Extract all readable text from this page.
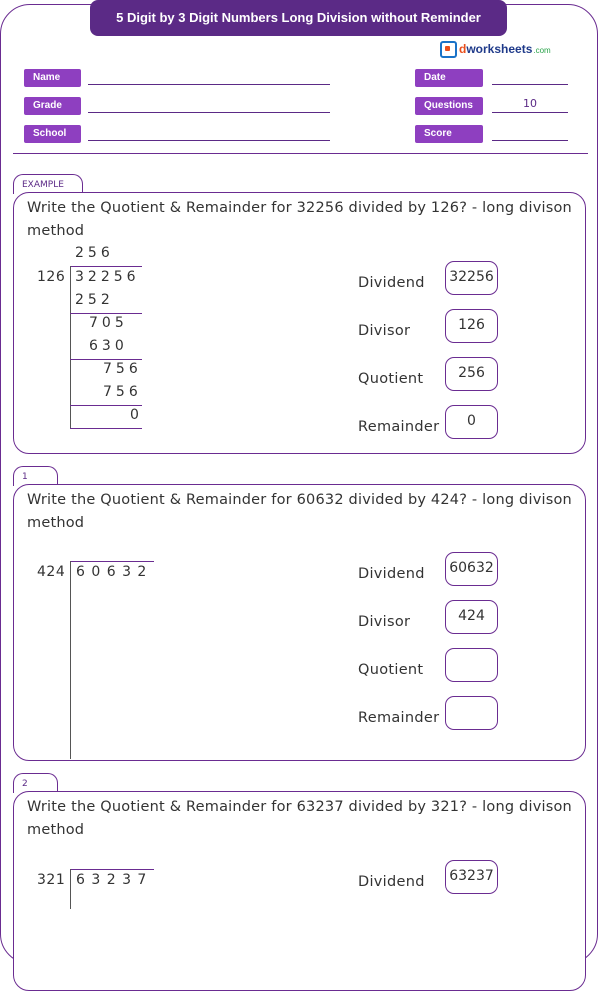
5 Digit by 3 Digit Numbers Long Division without Reminder
dworksheets .com
Name
Grade
School
Date
Questions	10
Score
EXAMPLE
Write the Quotient & Remainder for 32256 divided by 126? - long divison method
256
126 32256
252
705
630
756
756
0
Dividend	32256
Divisor	126
Quotient	256
Remainder	0
1
Write the Quotient & Remainder for 60632 divided by 424? - long divison method
424 6 0 6 3 2	Dividend	60632
Divisor	424
Quotient
Remainder
2
Write the Quotient & Remainder for 63237 divided by 321? - long divison method
321 6 3 2 3 7	Dividend	63237
